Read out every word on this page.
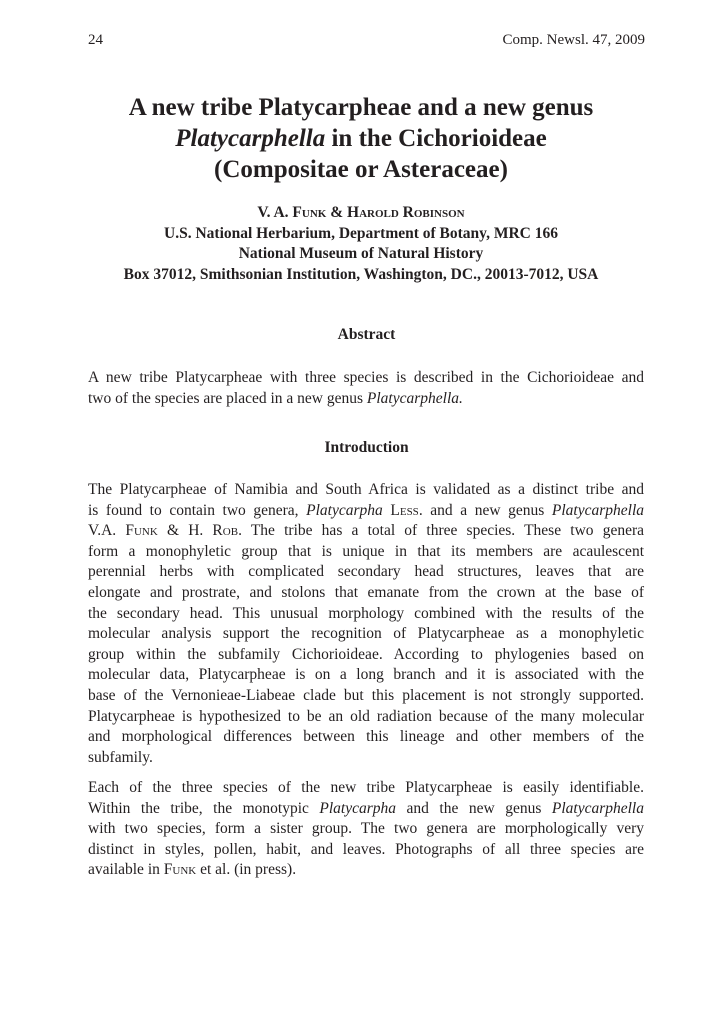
24	Comp. Newsl. 47, 2009
A new tribe Platycarpheae and a new genus
Platycarphella in the Cichorioideae
(Compositae or Asteraceae)
V. A. Funk & Harold Robinson
U.S. National Herbarium, Department of Botany, MRC 166
National Museum of Natural History
Box 37012, Smithsonian Institution, Washington, DC., 20013-7012, USA
Abstract
A new tribe Platycarpheae with three species is described in the Cichorioideae and
two of the species are placed in a new genus Platycarphella.
Introduction
The Platycarpheae of Namibia and South Africa is validated as a distinct tribe and
is found to contain two genera, Platycarpha Less. and a new genus Platycarphella
V.A. Funk & H. Rob. The tribe has a total of three species. These two genera
form a monophyletic group that is unique in that its members are acaulescent
perennial herbs with complicated secondary head structures, leaves that are
elongate and prostrate, and stolons that emanate from the crown at the base of
the secondary head. This unusual morphology combined with the results of the
molecular analysis support the recognition of Platycarpheae as a monophyletic
group within the subfamily Cichorioideae. According to phylogenies based on
molecular data, Platycarpheae is on a long branch and it is associated with the
base of the Vernonieae-Liabeae clade but this placement is not strongly supported.
Platycarpheae is hypothesized to be an old radiation because of the many molecular
and morphological differences between this lineage and other members of the
subfamily.
Each of the three species of the new tribe Platycarpheae is easily identifiable.
Within the tribe, the monotypic Platycarpha and the new genus Platycarphella
with two species, form a sister group. The two genera are morphologically very
distinct in styles, pollen, habit, and leaves. Photographs of all three species are
available in Funk et al. (in press).
